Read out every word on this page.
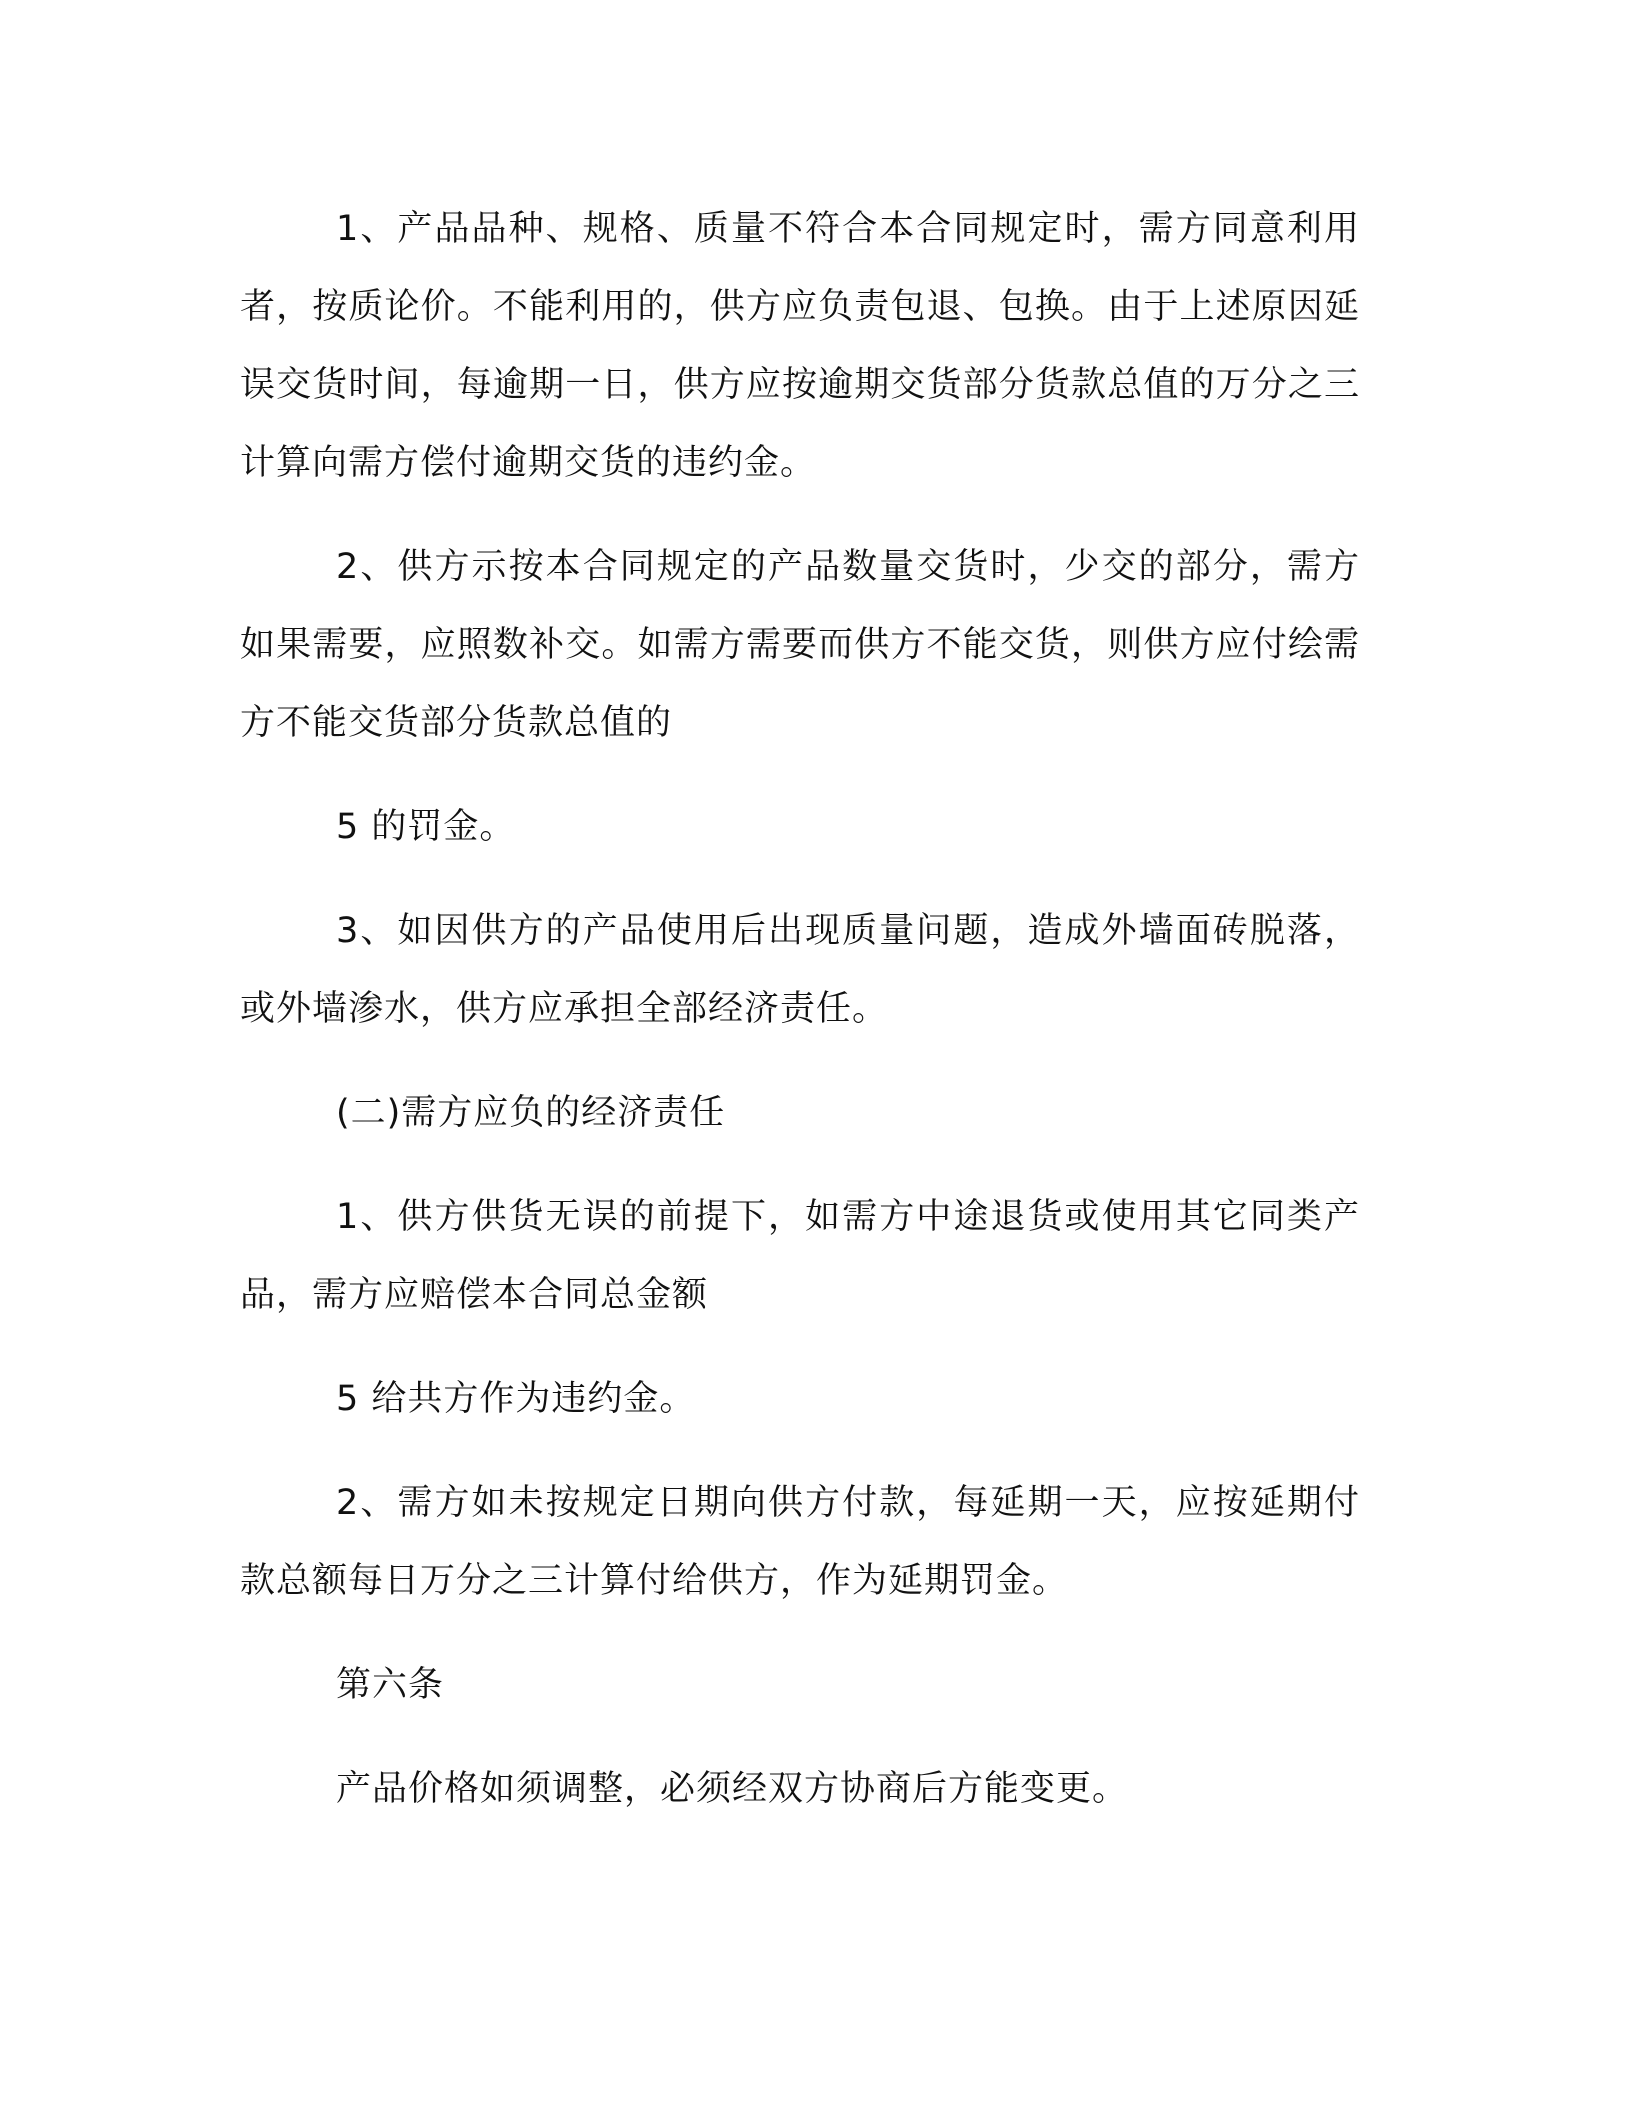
1、产品品种、规格、质量不符合本合同规定时，需方同意利用者，按质论价。不能利用的，供方应负责包退、包换。由于上述原因延误交货时间，每逾期一日，供方应按逾期交货部分货款总值的万分之三计算向需方偿付逾期交货的违约金。

2、供方示按本合同规定的产品数量交货时，少交的部分，需方如果需要，应照数补交。如需方需要而供方不能交货，则供方应付绘需方不能交货部分货款总值的

5 的罚金。

3、如因供方的产品使用后出现质量问题，造成外墙面砖脱落，或外墙渗水，供方应承担全部经济责任。

(二)需方应负的经济责任

1、供方供货无误的前提下，如需方中途退货或使用其它同类产品，需方应赔偿本合同总金额

5 给共方作为违约金。

2、需方如未按规定日期向供方付款，每延期一天，应按延期付款总额每日万分之三计算付给供方，作为延期罚金。

第六条

产品价格如须调整，必须经双方协商后方能变更。
